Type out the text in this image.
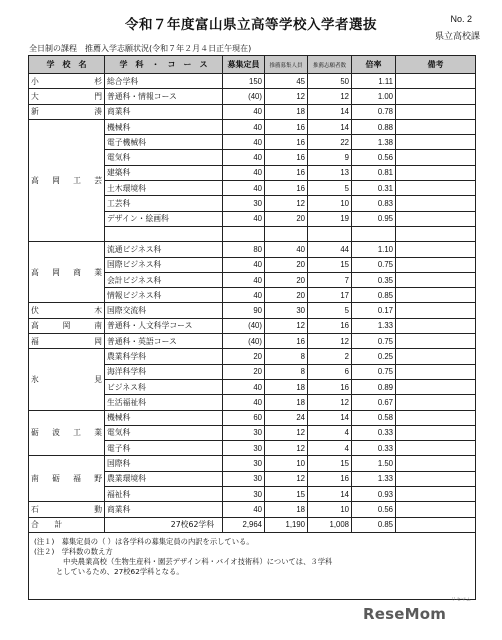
令和７年度富山県立高等学校入学者選抜	No. 2
県立高校課
全日制の課程　推薦入学志願状況(令和７年２月４日正午現在)
学　校　名	学　科　・　コ　ー　ス	募集定員	推薦募集人員	推薦志願者数	倍率	備考
小杉	総合学科	150	45	50	1.11	
大門	普通科・情報コース	(40)	12	12	1.00	
新湊	商業科	40	18	14	0.78	
高岡工芸	機械科	40	16	14	0.88	
	電子機械科	40	16	22	1.38	
	電気科	40	16	9	0.56	
	建築科	40	16	13	0.81	
	土木環境科	40	16	5	0.31	
	工芸科	30	12	10	0.83	
	デザイン・絵画科	40	20	19	0.95	

高岡商業	流通ビジネス科	80	40	44	1.10	
	国際ビジネス科	40	20	15	0.75	
	会計ビジネス科	40	20	7	0.35	
	情報ビジネス科	40	20	17	0.85	
伏木	国際交流科	90	30	5	0.17	
高岡南	普通科・人文科学コース	(40)	12	16	1.33	
福岡	普通科・英語コース	(40)	16	12	0.75	
氷見	農業科学科	20	8	2	0.25	
	海洋科学科	20	8	6	0.75	
	ビジネス科	40	18	16	0.89	
	生活福祉科	40	18	12	0.67	
砺波工業	機械科	60	24	14	0.58	
	電気科	30	12	4	0.33	
	電子科	30	12	4	0.33	
南砺福野	国際科	30	10	15	1.50	
	農業環境科	30	12	16	1.33	
	福祉科	30	15	14	0.93	
石動	商業科	40	18	10	0.56	
合　　計	27校62学科	2,964	1,190	1,008	0.85	
(注１)　募集定員の（ ）は各学科の募集定員の内訳を示している。
(注２)　学科数の数え方
　　　　中央農業高校（生物生産科・園芸デザイン科・バイオ技術科）については、３学科
　　　としているため、27校62学科となる。
リセマム
ReseMom
